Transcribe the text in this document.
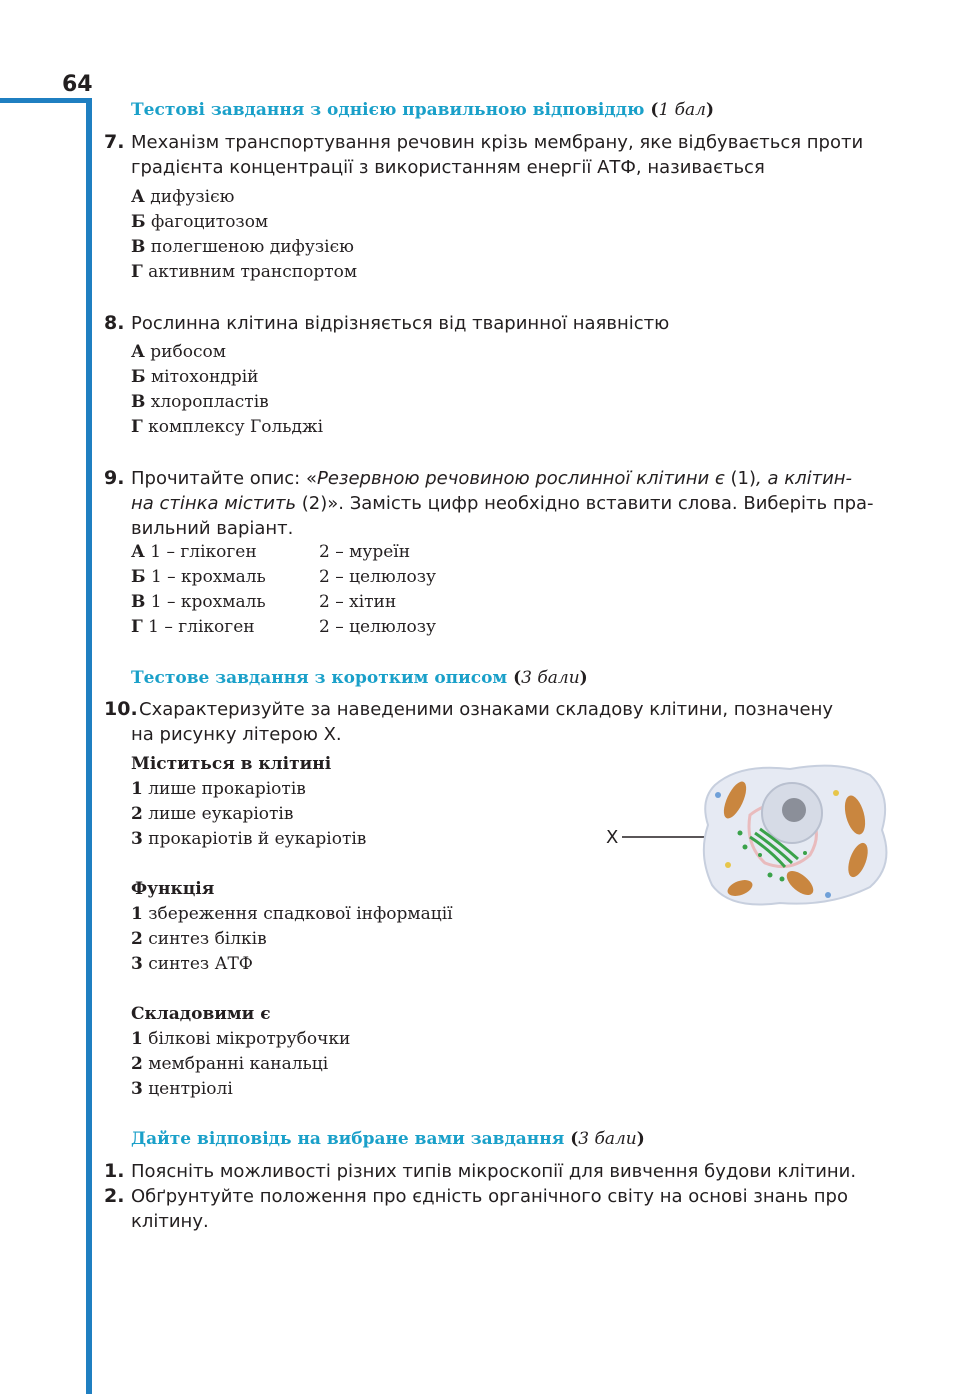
64
Тестові завдання з однією правильною відповіддю (1 бал)
7. Механізм транспортування речовин крізь мембрану, яке відбувається проти
градієнта концентрації з використанням енергії АТФ, називається
А дифузією
Б фагоцитозом
В полегшеною дифузією
Г активним транспортом
8. Рослинна клітина відрізняється від тваринної наявністю
А рибосом
Б мітохондрій
В хлоропластів
Г комплексу Гольджі
9. Прочитайте опис: «Резервною речовиною рослинної клітини є (1), а клітин-
на стінка містить (2)». Замість цифр необхідно вставити слова. Виберіть пра-
вильний варіант.
А 1 – глікоген	2 – муреїн
Б 1 – крохмаль	2 – целюлозу
В 1 – крохмаль	2 – хітин
Г 1 – глікоген	2 – целюлозу
Тестове завдання з коротким описом (3 бали)
10. Схарактеризуйте за наведеними ознаками складову клітини, позначену
на рисунку літерою Х.
Міститься в клітині
1 лише прокаріотів
2 лише еукаріотів
3 прокаріотів й еукаріотів
Функція
1 збереження спадкової інформації
2 синтез білків
3 синтез АТФ
Складовими є
1 білкові мікротрубочки
2 мембранні канальці
3 центріолі
Х
Дайте відповідь на вибране вами завдання (3 бали)
1. Поясніть можливості різних типів мікроскопії для вивчення будови клітини.
2. Обґрунтуйте положення про єдність органічного світу на основі знань про
клітину.
